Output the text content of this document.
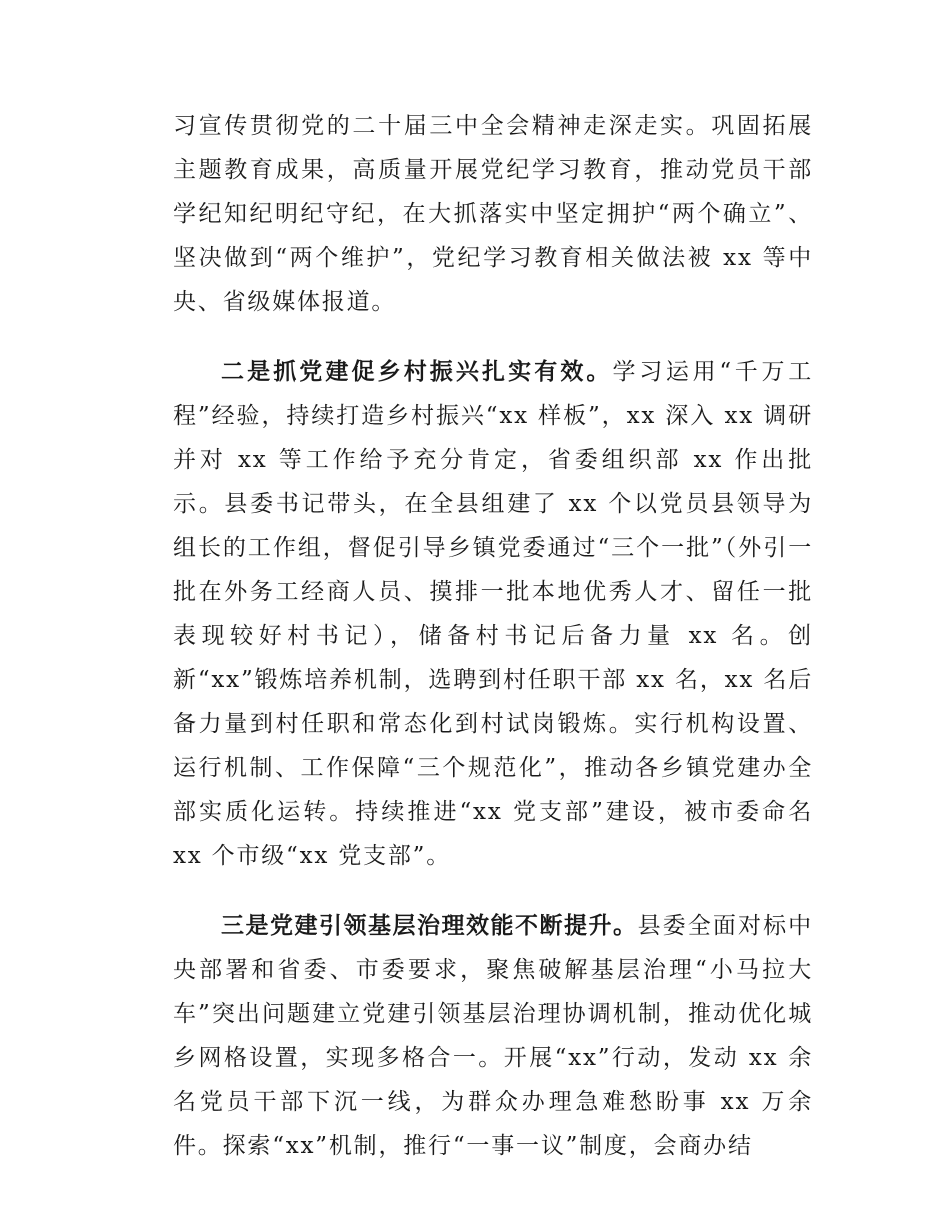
习宣传贯彻党的二十届三中全会精神走深走实。巩固拓展主题教育成果，高质量开展党纪学习教育，推动党员干部学纪知纪明纪守纪，在大抓落实中坚定拥护“两个确立”、坚决做到“两个维护”，党纪学习教育相关做法被 xx 等中央、省级媒体报道。

二是抓党建促乡村振兴扎实有效。学习运用“千万工程”经验，持续打造乡村振兴“xx 样板”，xx 深入 xx 调研并对 xx 等工作给予充分肯定，省委组织部 xx 作出批示。县委书记带头，在全县组建了 xx 个以党员县领导为组长的工作组，督促引导乡镇党委通过“三个一批”（外引一批在外务工经商人员、摸排一批本地优秀人才、留任一批表现较好村书记），储备村书记后备力量 xx 名。创新“xx”锻炼培养机制，选聘到村任职干部 xx 名，xx 名后备力量到村任职和常态化到村试岗锻炼。实行机构设置、运行机制、工作保障“三个规范化”，推动各乡镇党建办全部实质化运转。持续推进“xx 党支部”建设，被市委命名 xx 个市级“xx 党支部”。

三是党建引领基层治理效能不断提升。县委全面对标中央部署和省委、市委要求，聚焦破解基层治理“小马拉大车”突出问题建立党建引领基层治理协调机制，推动优化城乡网格设置，实现多格合一。开展“xx”行动，发动 xx 余名党员干部下沉一线，为群众办理急难愁盼事 xx 万余件。探索“xx”机制，推行“一事一议”制度，会商办结
